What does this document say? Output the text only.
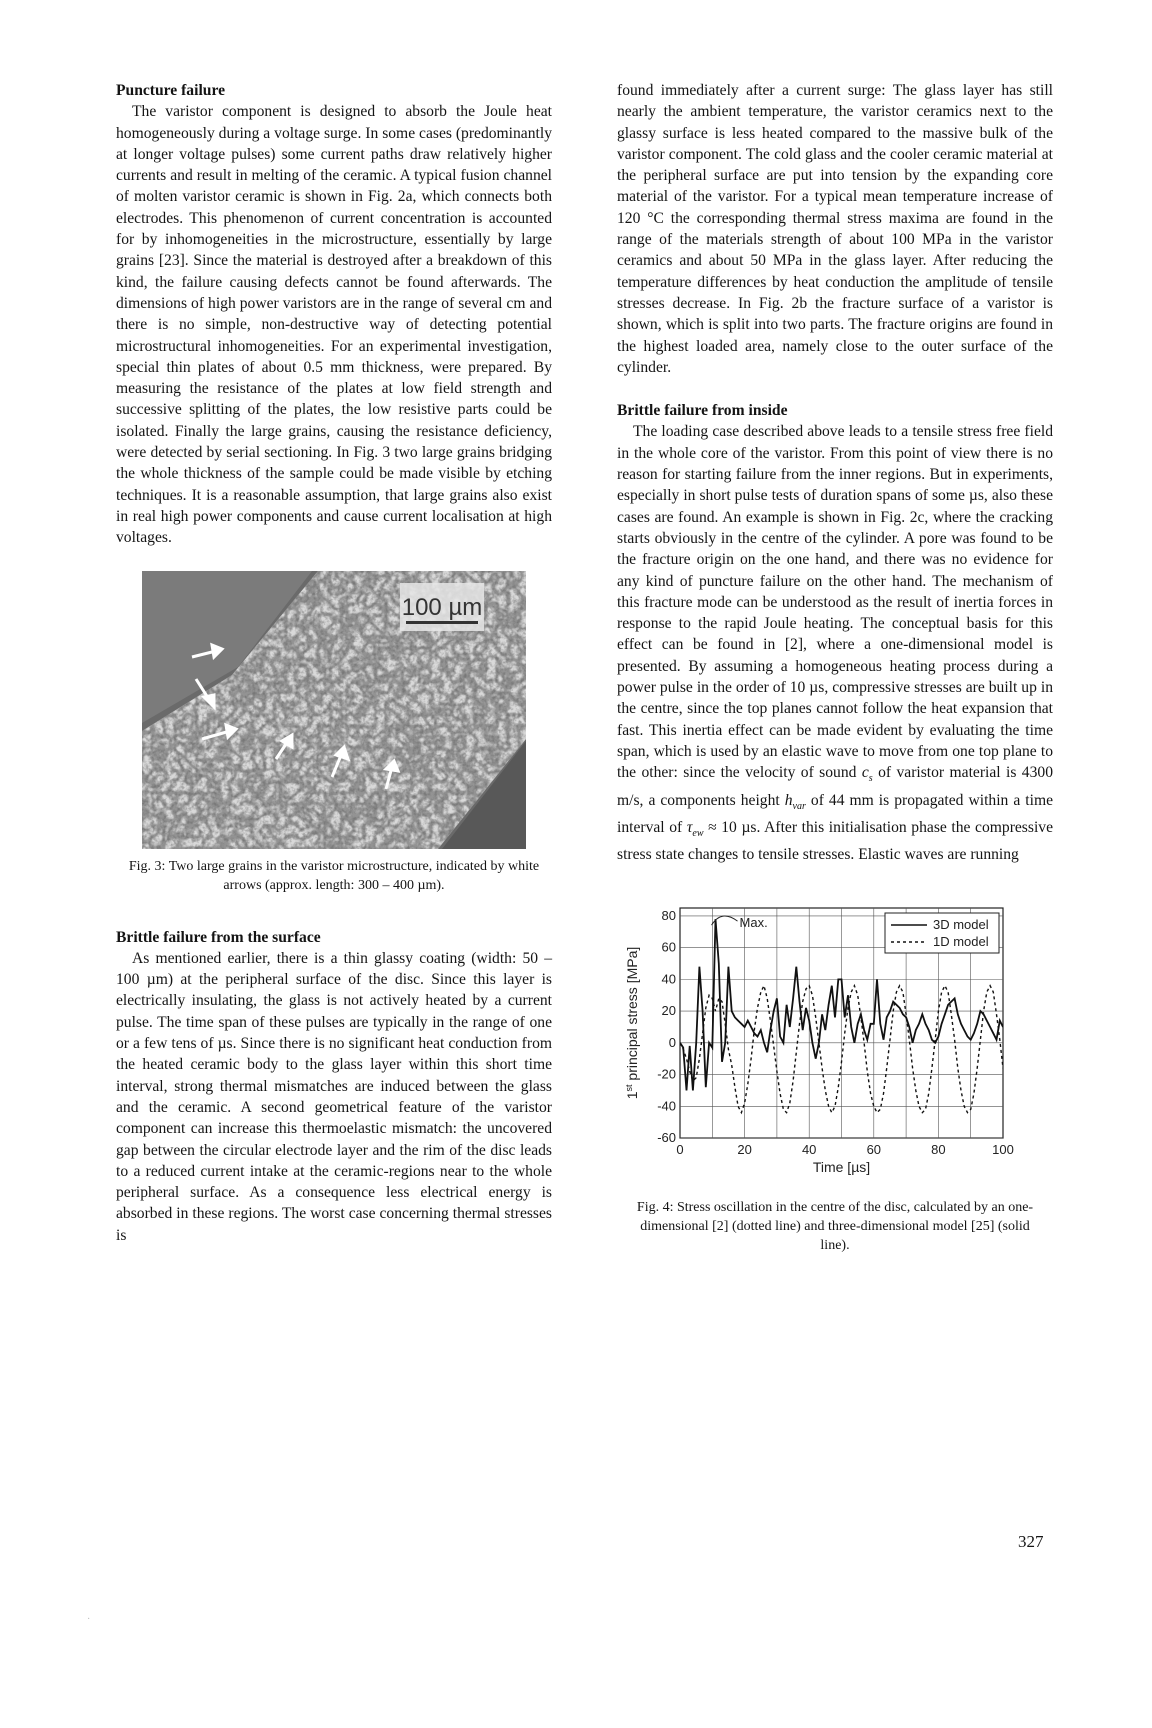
Puncture failure

The varistor component is designed to absorb the Joule heat homogeneously during a voltage surge. In some cases (predominantly at longer voltage pulses) some current paths draw relatively higher currents and result in melting of the ceramic. A typical fusion channel of molten varistor ceramic is shown in Fig. 2a, which connects both electrodes. This phenomenon of current concentration is accounted for by inhomogeneities in the microstructure, essentially by large grains [23]. Since the material is destroyed after a breakdown of this kind, the failure causing defects cannot be found afterwards. The dimensions of high power varistors are in the range of several cm and there is no simple, non-destructive way of detecting potential microstructural inhomogeneities. For an experimental investigation, special thin plates of about 0.5 mm thickness, were prepared. By measuring the resistance of the plates at low field strength and successive splitting of the plates, the low resistive parts could be isolated. Finally the large grains, causing the resistance deficiency, were detected by serial sectioning. In Fig. 3 two large grains bridging the whole thickness of the sample could be made visible by etching techniques. It is a reasonable assumption, that large grains also exist in real high power components and cause current localisation at high voltages.

100 µm

Fig. 3: Two large grains in the varistor microstructure, indicated by white arrows (approx. length: 300 – 400 µm).

Brittle failure from the surface

As mentioned earlier, there is a thin glassy coating (width: 50 – 100 µm) at the peripheral surface of the disc. Since this layer is electrically insulating, the glass is not actively heated by a current pulse. The time span of these pulses are typically in the range of one or a few tens of µs. Since there is no significant heat conduction from the heated ceramic body to the glass layer within this short time interval, strong thermal mismatches are induced between the glass and the ceramic. A second geometrical feature of the varistor component can increase this thermoelastic mismatch: the uncovered gap between the circular electrode layer and the rim of the disc leads to a reduced current intake at the ceramic-regions near to the whole peripheral surface. As a consequence less electrical energy is absorbed in these regions. The worst case concerning thermal stresses is

found immediately after a current surge: The glass layer has still nearly the ambient temperature, the varistor ceramics next to the glassy surface is less heated compared to the massive bulk of the varistor component. The cold glass and the cooler ceramic material at the peripheral surface are put into tension by the expanding core material of the varistor. For a typical mean temperature increase of 120 °C the corresponding thermal stress maxima are found in the range of the materials strength of about 100 MPa in the varistor ceramics and about 50 MPa in the glass layer. After reducing the temperature differences by heat conduction the amplitude of tensile stresses decrease. In Fig. 2b the fracture surface of a varistor is shown, which is split into two parts. The fracture origins are found in the highest loaded area, namely close to the outer surface of the cylinder.

Brittle failure from inside

The loading case described above leads to a tensile stress free field in the whole core of the varistor. From this point of view there is no reason for starting failure from the inner regions. But in experiments, especially in short pulse tests of duration spans of some µs, also these cases are found. An example is shown in Fig. 2c, where the cracking starts obviously in the centre of the cylinder. A pore was found to be the fracture origin on the one hand, and there was no evidence for any kind of puncture failure on the other hand. The mechanism of this fracture mode can be understood as the result of inertia forces in response to the rapid Joule heating. The conceptual basis for this effect can be found in [2], where a one-dimensional model is presented. By assuming a homogeneous heating process during a power pulse in the order of 10 µs, compressive stresses are built up in the centre, since the top planes cannot follow the heat expansion that fast. This inertia effect can be made evident by evaluating the time span, which is used by an elastic wave to move from one top plane to the other: since the velocity of sound $c_s$ of varistor material is 4300 m/s, a components height $h_{var}$ of 44 mm is propagated within a time interval of $\tau_{ew} \approx 10$ µs. After this initialisation phase the compressive stress state changes to tensile stresses. Elastic waves are running

0	20	40	60	80	100
-60
-40
-20
0
20
40
60
80
Time [µs]
1st principal stress [MPa]
3D model
1D model
Max.

Fig. 4: Stress oscillation in the centre of the disc, calculated by an one-dimensional [2] (dotted line) and three-dimensional model [25] (solid line).

327
·
